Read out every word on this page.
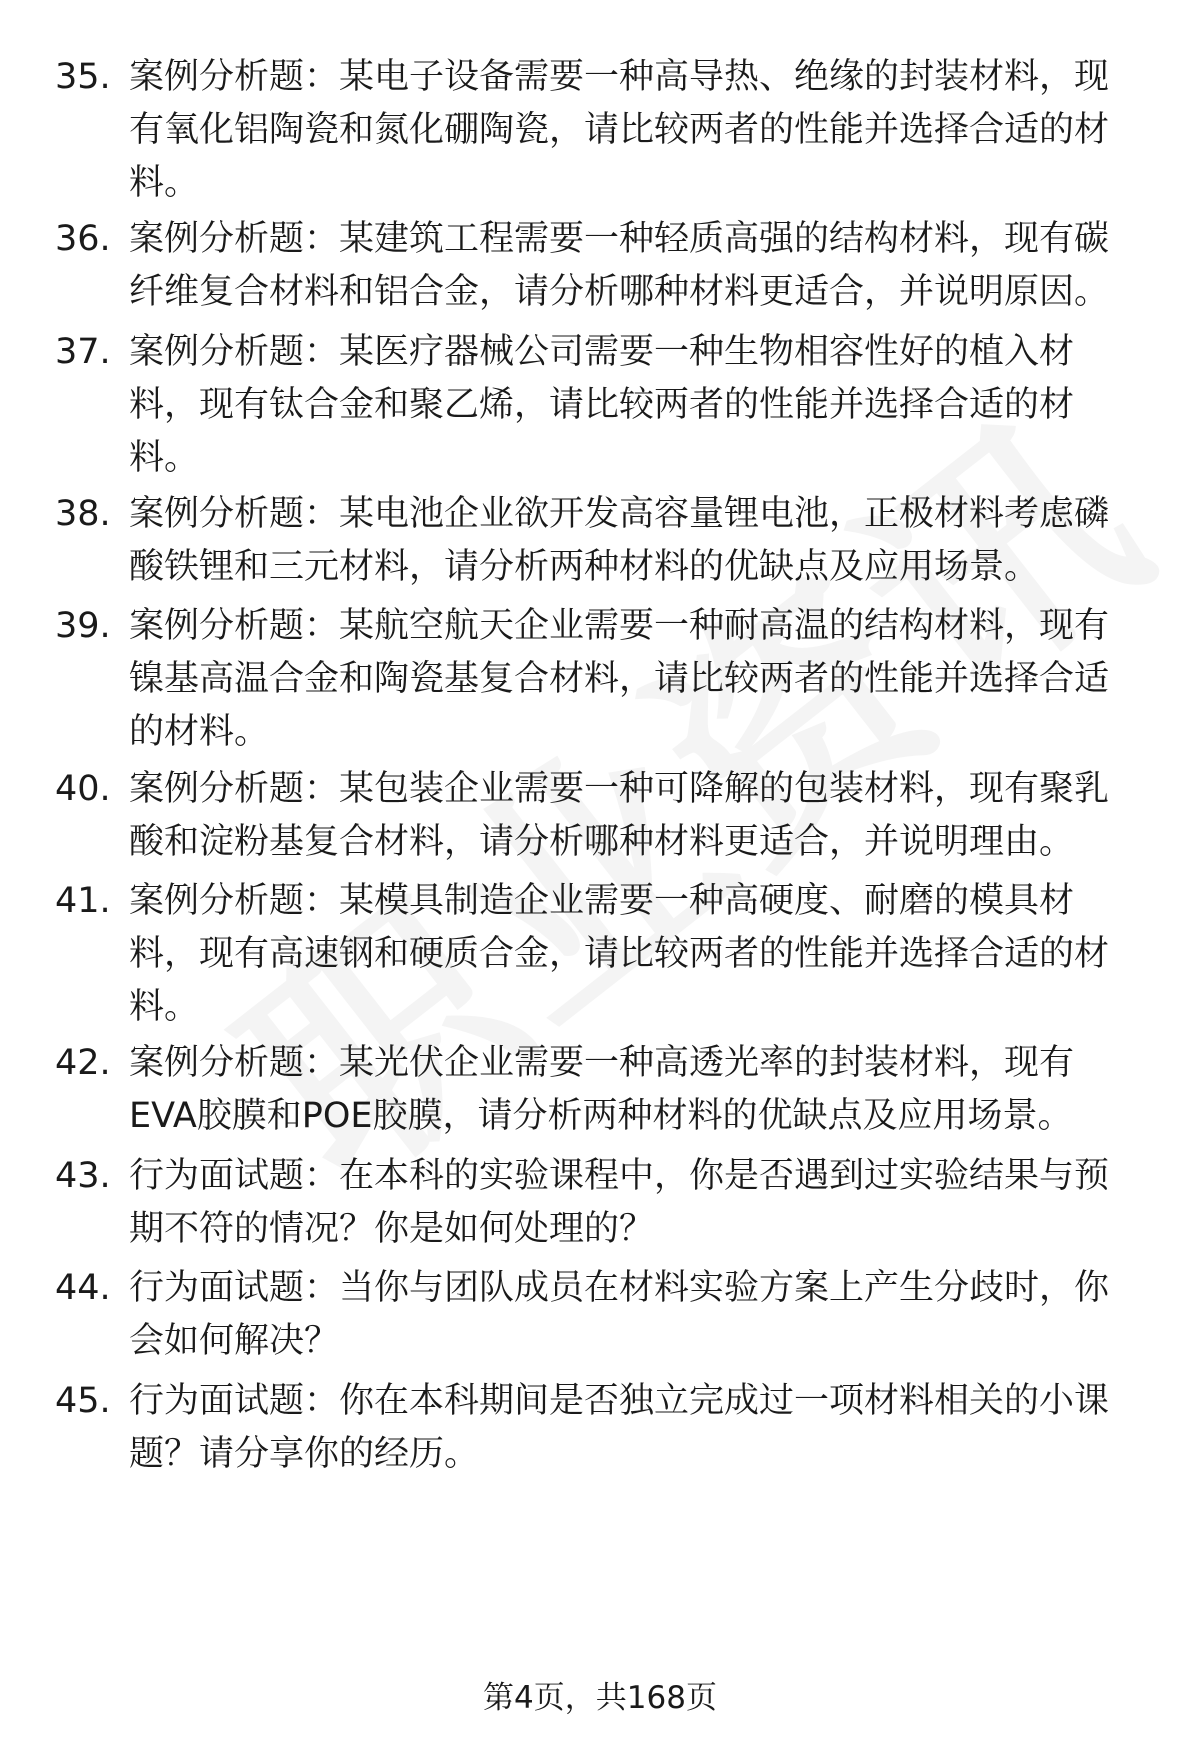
35. 案例分析题：某电子设备需要一种高导热、绝缘的封装材料，现有氧化铝陶瓷和氮化硼陶瓷，请比较两者的性能并选择合适的材料。
36. 案例分析题：某建筑工程需要一种轻质高强的结构材料，现有碳纤维复合材料和铝合金，请分析哪种材料更适合，并说明原因。
37. 案例分析题：某医疗器械公司需要一种生物相容性好的植入材料，现有钛合金和聚乙烯，请比较两者的性能并选择合适的材料。
38. 案例分析题：某电池企业欲开发高容量锂电池，正极材料考虑磷酸铁锂和三元材料，请分析两种材料的优缺点及应用场景。
39. 案例分析题：某航空航天企业需要一种耐高温的结构材料，现有镍基高温合金和陶瓷基复合材料，请比较两者的性能并选择合适的材料。
40. 案例分析题：某包装企业需要一种可降解的包装材料，现有聚乳酸和淀粉基复合材料，请分析哪种材料更适合，并说明理由。
41. 案例分析题：某模具制造企业需要一种高硬度、耐磨的模具材料，现有高速钢和硬质合金，请比较两者的性能并选择合适的材料。
42. 案例分析题：某光伏企业需要一种高透光率的封装材料，现有EVA胶膜和POE胶膜，请分析两种材料的优缺点及应用场景。
43. 行为面试题：在本科的实验课程中，你是否遇到过实验结果与预期不符的情况？你是如何处理的？
44. 行为面试题：当你与团队成员在材料实验方案上产生分歧时，你会如何解决？
45. 行为面试题：你在本科期间是否独立完成过一项材料相关的小课题？请分享你的经历。
第4页，共168页
